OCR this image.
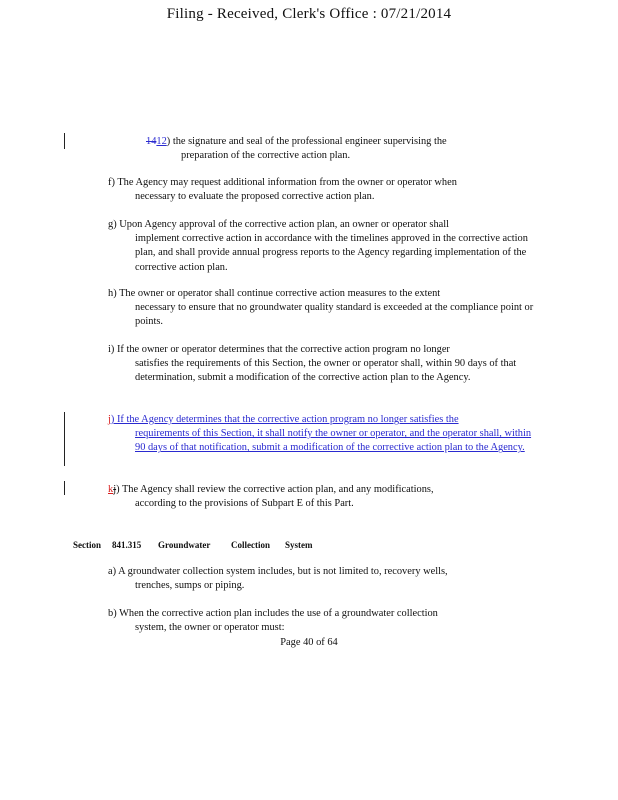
Filing - Received, Clerk's Office : 07/21/2014
1412) the signature and seal of the professional engineer supervising the
preparation of the corrective action plan.
f) The Agency may request additional information from the owner or operator when
necessary to evaluate the proposed corrective action plan.
g) Upon Agency approval of the corrective action plan, an owner or operator shall
implement corrective action in accordance with the timelines approved in the corrective action plan, and shall provide annual progress reports to the Agency regarding implementation of the corrective action plan.
h) The owner or operator shall continue corrective action measures to the extent
necessary to ensure that no groundwater quality standard is exceeded at the compliance point or points.
i) If the owner or operator determines that the corrective action program no longer
satisfies the requirements of this Section, the owner or operator shall, within 90 days of that determination, submit a modification of the corrective action plan to the Agency.
j) If the Agency determines that the corrective action program no longer satisfies the
requirements of this Section, it shall notify the owner or operator, and the operator shall, within 90 days of that notification, submit a modification of the corrective action plan to the Agency.
kj) The Agency shall review the corrective action plan, and any modifications,
according to the provisions of Subpart E of this Part.
Section 841.315 Groundwater Collection System
a) A groundwater collection system includes, but is not limited to, recovery wells,
trenches, sumps or piping.
b) When the corrective action plan includes the use of a groundwater collection
system, the owner or operator must:
Page 40 of 64
